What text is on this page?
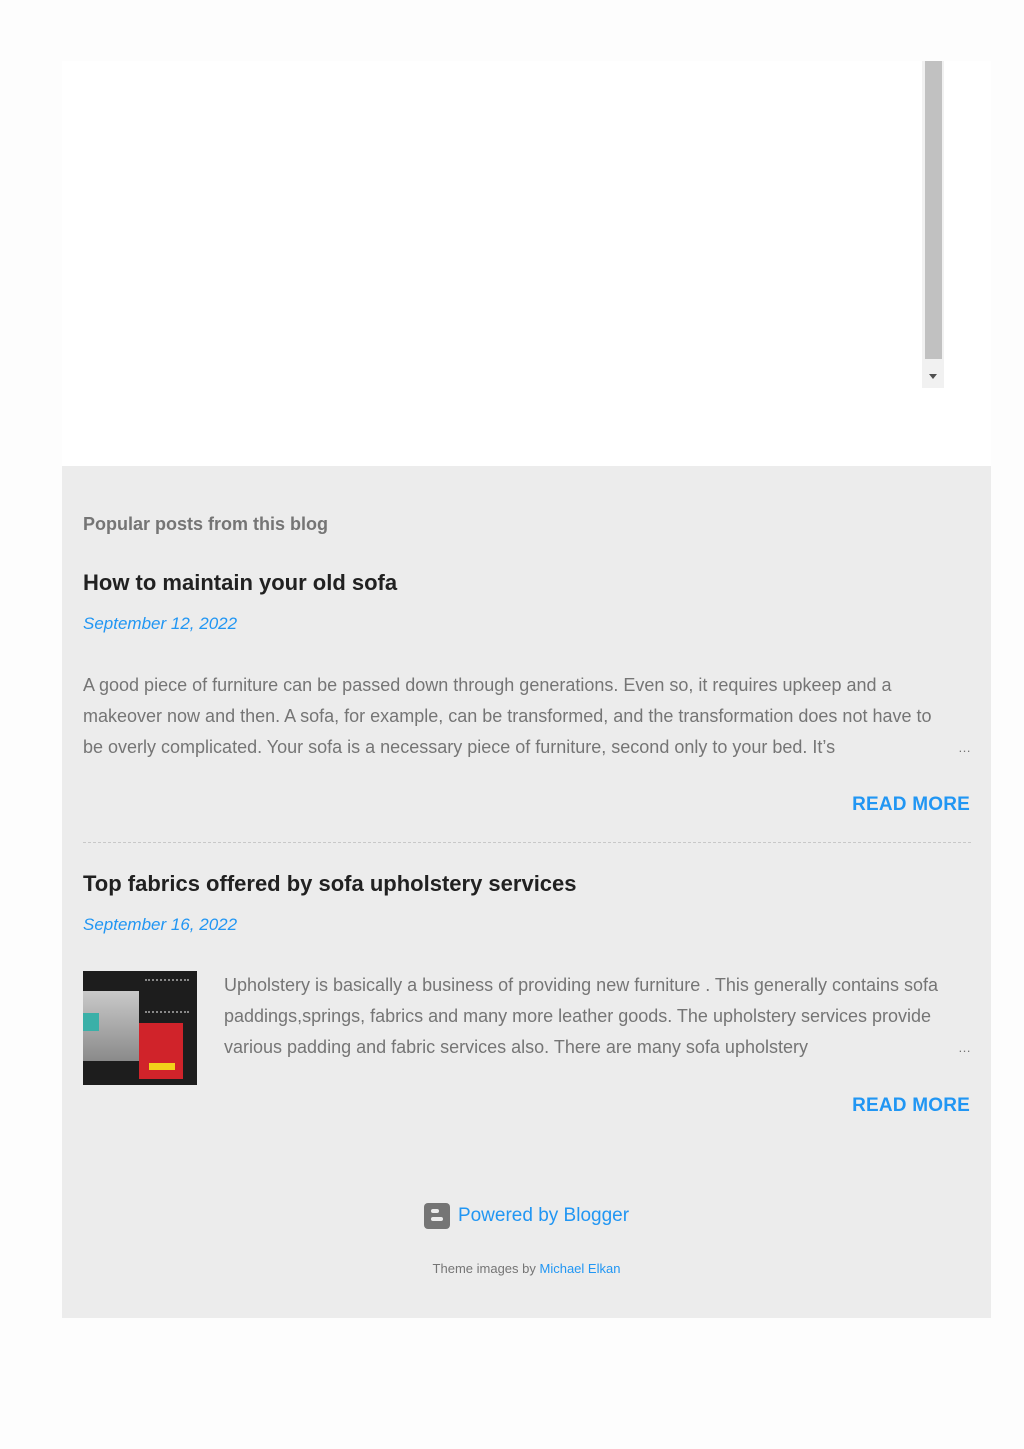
Popular posts from this blog
How to maintain your old sofa
September 12, 2022
A good piece of furniture can be passed down through generations. Even so, it requires upkeep and a makeover now and then. A sofa, for example, can be transformed, and the transformation does not have to be overly complicated. Your sofa is a necessary piece of furniture, second only to your bed. It’s	…
READ MORE
Top fabrics offered by sofa upholstery services
September 16, 2022
Upholstery is basically a business of providing new furniture . This generally contains sofa paddings,springs, fabrics and many more leather goods. The upholstery services provide various padding and fabric services also. There are many sofa upholstery	…
READ MORE
Powered by Blogger
Theme images by Michael Elkan
